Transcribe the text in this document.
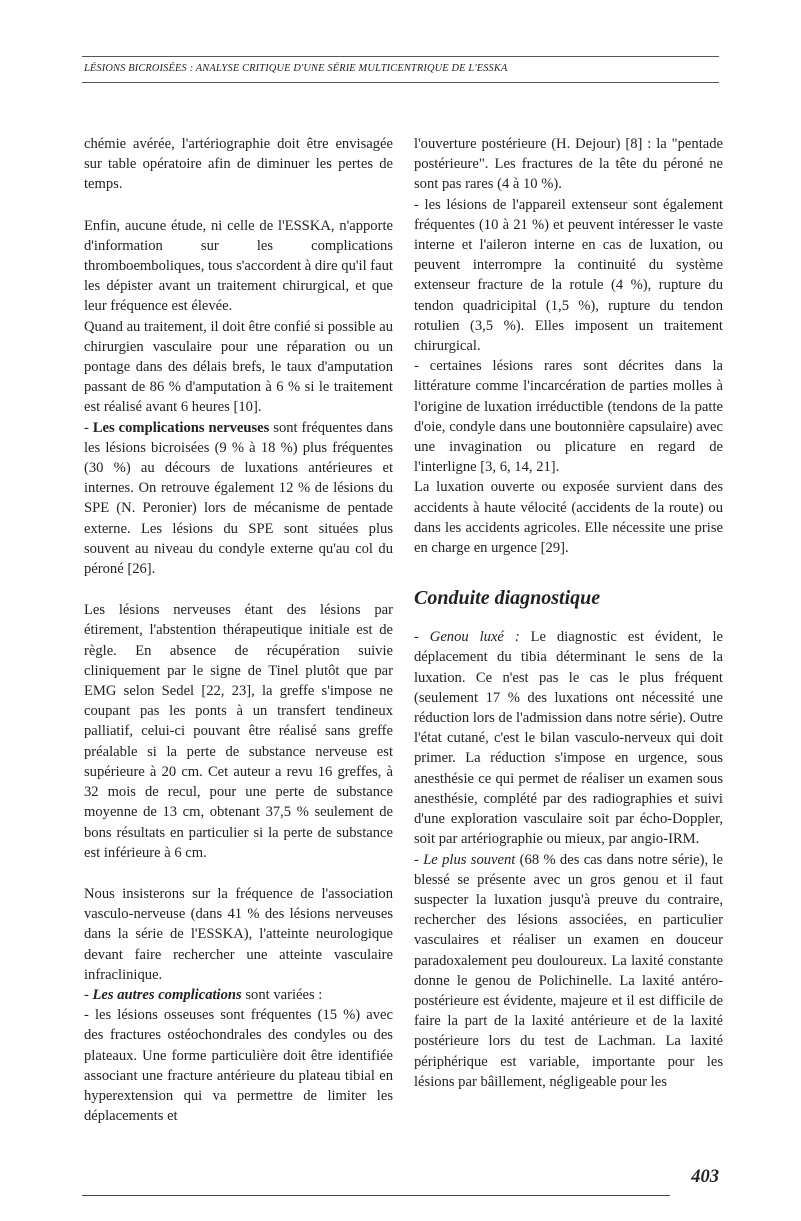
LÉSIONS BICROISÉES : ANALYSE CRITIQUE D'UNE SÉRIE MULTICENTRIQUE DE L'ESSKA

chémie avérée, l'artériographie doit être envisagée sur table opératoire afin de diminuer les pertes de temps.

Enfin, aucune étude, ni celle de l'ESSKA, n'apporte d'information sur les complications thromboemboliques, tous s'accordent à dire qu'il faut les dépister avant un traitement chirurgical, et que leur fréquence est élevée.

Quand au traitement, il doit être confié si possible au chirurgien vasculaire pour une réparation ou un pontage dans des délais brefs, le taux d'amputation passant de 86 % d'amputation à 6 % si le traitement est réalisé avant 6 heures [10].

- Les complications nerveuses sont fréquentes dans les lésions bicroisées (9 % à 18 %) plus fréquentes (30 %) au décours de luxations antérieures et internes. On retrouve également 12 % de lésions du SPE (N. Peronier) lors de mécanisme de pentade externe. Les lésions du SPE sont situées plus souvent au niveau du condyle externe qu'au col du péroné [26].

Les lésions nerveuses étant des lésions par étirement, l'abstention thérapeutique initiale est de règle. En absence de récupération suivie cliniquement par le signe de Tinel plutôt que par EMG selon Sedel [22, 23], la greffe s'impose ne coupant pas les ponts à un transfert tendineux palliatif, celui-ci pouvant être réalisé sans greffe préalable si la perte de substance nerveuse est supérieure à 20 cm. Cet auteur a revu 16 greffes, à 32 mois de recul, pour une perte de substance moyenne de 13 cm, obtenant 37,5 % seulement de bons résultats en particulier si la perte de substance est inférieure à 6 cm.

Nous insisterons sur la fréquence de l'association vasculo-nerveuse (dans 41 % des lésions nerveuses dans la série de l'ESSKA), l'atteinte neurologique devant faire rechercher une atteinte vasculaire infraclinique.

- Les autres complications sont variées :

- les lésions osseuses sont fréquentes (15 %) avec des fractures ostéochondrales des condyles ou des plateaux. Une forme particulière doit être identifiée associant une fracture antérieure du plateau tibial en hyperextension qui va permettre de limiter les déplacements et

l'ouverture postérieure (H. Dejour) [8] : la "pentade postérieure". Les fractures de la tête du péroné ne sont pas rares (4 à 10 %).

- les lésions de l'appareil extenseur sont également fréquentes (10 à 21 %) et peuvent intéresser le vaste interne et l'aileron interne en cas de luxation, ou peuvent interrompre la continuité du système extenseur fracture de la rotule (4 %), rupture du tendon quadricipital (1,5 %), rupture du tendon rotulien (3,5 %). Elles imposent un traitement chirurgical.

- certaines lésions rares sont décrites dans la littérature comme l'incarcération de parties molles à l'origine de luxation irréductible (tendons de la patte d'oie, condyle dans une boutonnière capsulaire) avec une invagination ou plicature en regard de l'interligne [3, 6, 14, 21].

La luxation ouverte ou exposée survient dans des accidents à haute vélocité (accidents de la route) ou dans les accidents agricoles. Elle nécessite une prise en charge en urgence [29].

Conduite diagnostique

- Genou luxé : Le diagnostic est évident, le déplacement du tibia déterminant le sens de la luxation. Ce n'est pas le cas le plus fréquent (seulement 17 % des luxations ont nécessité une réduction lors de l'admission dans notre série). Outre l'état cutané, c'est le bilan vasculo-nerveux qui doit primer. La réduction s'impose en urgence, sous anesthésie ce qui permet de réaliser un examen sous anesthésie, complété par des radiographies et suivi d'une exploration vasculaire soit par écho-Doppler, soit par artériographie ou mieux, par angio-IRM.

- Le plus souvent (68 % des cas dans notre série), le blessé se présente avec un gros genou et il faut suspecter la luxation jusqu'à preuve du contraire, rechercher des lésions associées, en particulier vasculaires et réaliser un examen en douceur paradoxalement peu douloureux. La laxité constante donne le genou de Polichinelle. La laxité antéro-postérieure est évidente, majeure et il est difficile de faire la part de la laxité antérieure et de la laxité postérieure lors du test de Lachman. La laxité périphérique est variable, importante pour les lésions par bâillement, négligeable pour les

403
